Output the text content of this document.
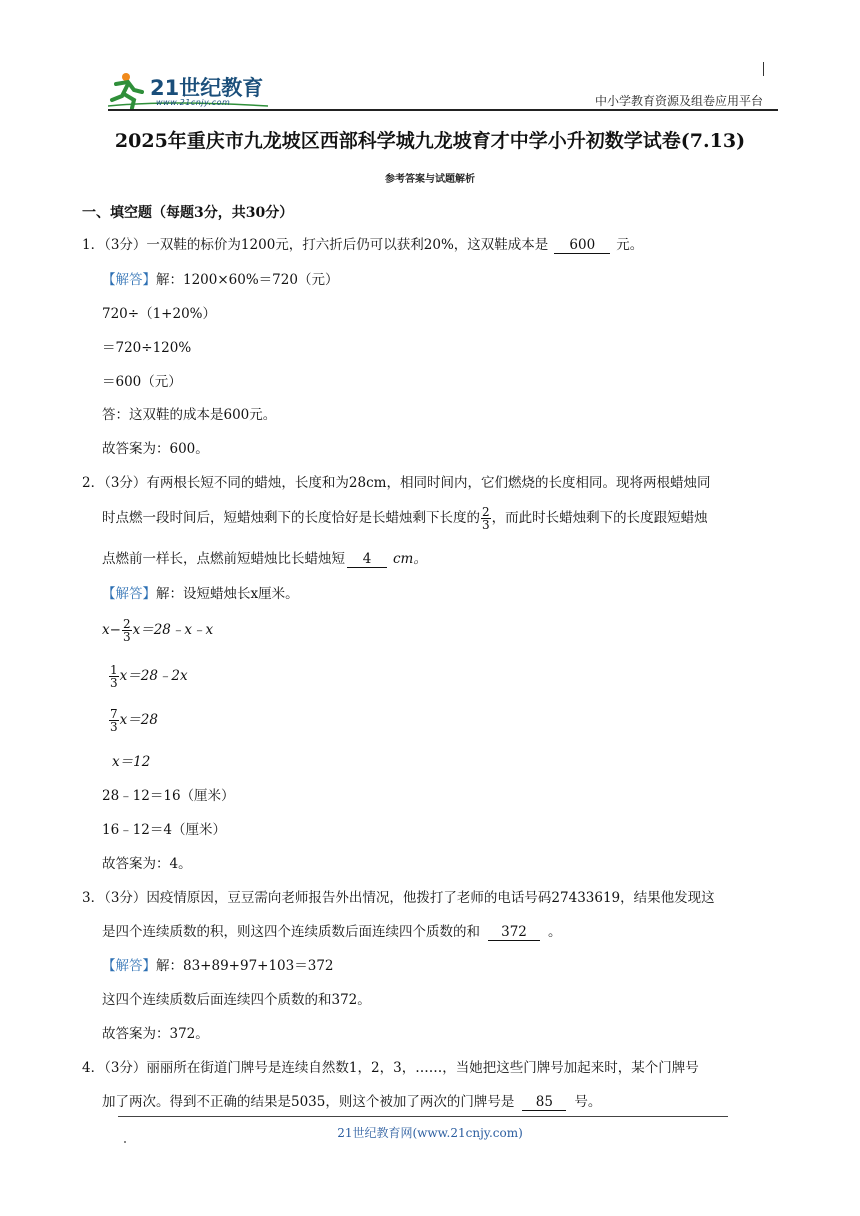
21世纪教育
www.21cnjy.com	中小学教育资源及组卷应用平台
2025年重庆市九龙坡区西部科学城九龙坡育才中学小升初数学试卷(7.13)
参考答案与试题解析
一、填空题（每题3分，共30分）
1．（3分）一双鞋的标价为1200元，打六折后仍可以获利20%，这双鞋成本是 600 元。
【解答】解：1200×60%＝720（元）
720÷（1+20%）
＝720÷120%
＝600（元）
答：这双鞋的成本是600元。
故答案为：600。
2．（3分）有两根长短不同的蜡烛，长度和为28cm，相同时间内，它们燃烧的长度相同。现将两根蜡烛同
时点燃一段时间后，短蜡烛剩下的长度恰好是长蜡烛剩下长度的 $\frac{2}{3}$ ，而此时长蜡烛剩下的长度跟短蜡烛
点燃前一样长，点燃前短蜡烛比长蜡烛短 4 cm。
【解答】解：设短蜡烛长x厘米。
$x- \frac{2}{3}$ x＝28﹣x﹣x
$\frac{1}{3}$ x＝28﹣2x
$\frac{7}{3} x=28$
x＝12
28﹣12＝16（厘米）
16﹣12＝4（厘米）
故答案为：4。
3．（3分）因疫情原因，豆豆需向老师报告外出情况，他拨打了老师的电话号码27433619，结果他发现这
是四个连续质数的积，则这四个连续质数后面连续四个质数的和 372 。
【解答】解：83+89+97+103＝372
这四个连续质数后面连续四个质数的和372。
故答案为：372。
4．（3分）丽丽所在街道门牌号是连续自然数1，2，3，……，当她把这些门牌号加起来时，某个门牌号
加了两次。得到不正确的结果是5035，则这个被加了两次的门牌号是 85 号。
21世纪教育网(www.21cnjy.com)
